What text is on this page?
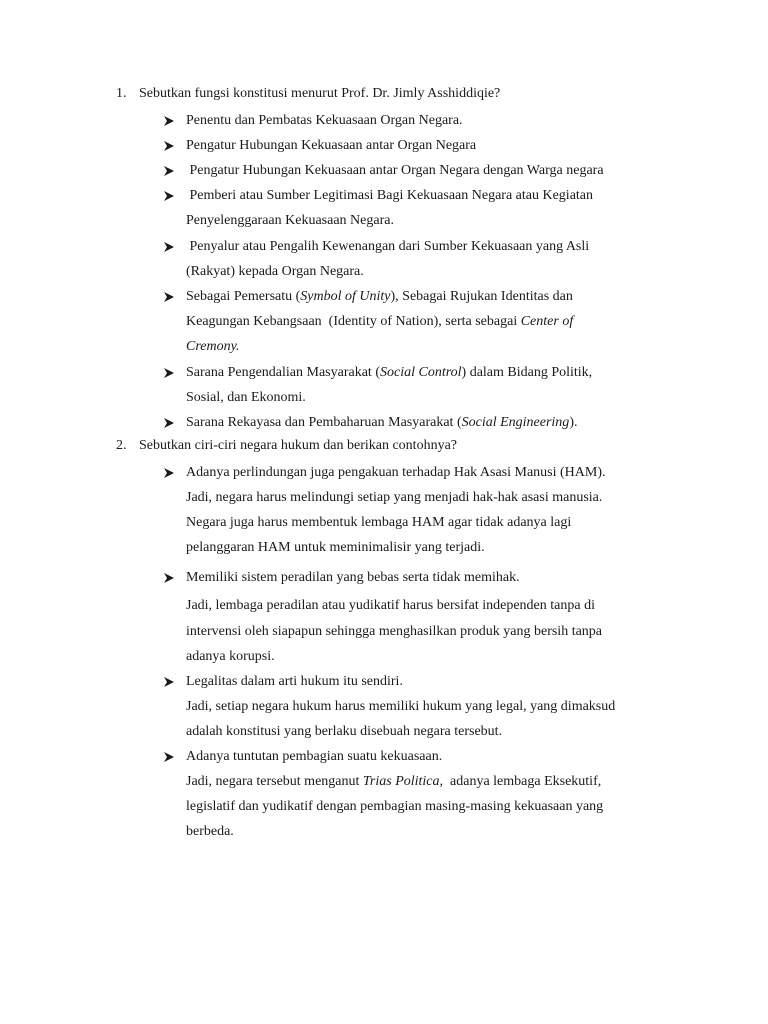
1. Sebutkan fungsi konstitusi menurut Prof. Dr. Jimly Asshiddiqie?
Penentu dan Pembatas Kekuasaan Organ Negara.
Pengatur Hubungan Kekuasaan antar Organ Negara
Pengatur Hubungan Kekuasaan antar Organ Negara dengan Warga negara
Pemberi atau Sumber Legitimasi Bagi Kekuasaan Negara atau Kegiatan
Penyelenggaraan Kekuasaan Negara.
Penyalur atau Pengalih Kewenangan dari Sumber Kekuasaan yang Asli
(Rakyat) kepada Organ Negara.
Sebagai Pemersatu (Symbol of Unity), Sebagai Rujukan Identitas dan
Keagungan Kebangsaan  (Identity of Nation), serta sebagai Center of
Cremony.
Sarana Pengendalian Masyarakat (Social Control) dalam Bidang Politik,
Sosial, dan Ekonomi.
Sarana Rekayasa dan Pembaharuan Masyarakat (Social Engineering).
2. Sebutkan ciri-ciri negara hukum dan berikan contohnya?
Adanya perlindungan juga pengakuan terhadap Hak Asasi Manusi (HAM).
Jadi, negara harus melindungi setiap yang menjadi hak-hak asasi manusia.
Negara juga harus membentuk lembaga HAM agar tidak adanya lagi
pelanggaran HAM untuk meminimalisir yang terjadi.
Memiliki sistem peradilan yang bebas serta tidak memihak.
Jadi, lembaga peradilan atau yudikatif harus bersifat independen tanpa di
intervensi oleh siapapun sehingga menghasilkan produk yang bersih tanpa
adanya korupsi.
Legalitas dalam arti hukum itu sendiri.
Jadi, setiap negara hukum harus memiliki hukum yang legal, yang dimaksud
adalah konstitusi yang berlaku disebuah negara tersebut.
Adanya tuntutan pembagian suatu kekuasaan.
Jadi, negara tersebut menganut Trias Politica,  adanya lembaga Eksekutif,
legislatif dan yudikatif dengan pembagian masing-masing kekuasaan yang
berbeda.
